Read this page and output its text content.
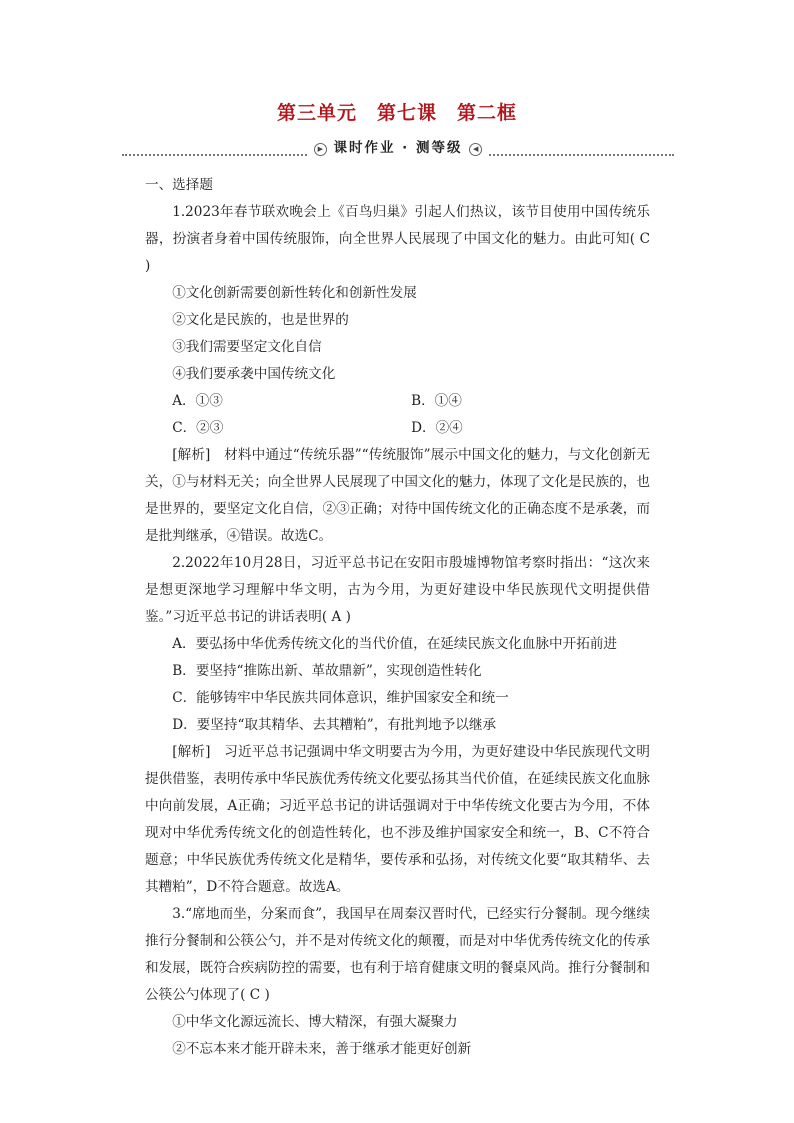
第三单元　第七课　第二框
▶ 课时作业 · 测等级 ◀

一、选择题

1.2023年春节联欢晚会上《百鸟归巢》引起人们热议，该节目使用中国传统乐器，扮演者身着中国传统服饰，向全世界人民展现了中国文化的魅力。由此可知( C )

①文化创新需要创新性转化和创新性发展

②文化是民族的，也是世界的

③我们需要坚定文化自信

④我们要承袭中国传统文化

A．①③	B．①④
C．②③	D．②④

[解析]　材料中通过“传统乐器”“传统服饰”展示中国文化的魅力，与文化创新无关，①与材料无关；向全世界人民展现了中国文化的魅力，体现了文化是民族的，也是世界的，要坚定文化自信，②③正确；对待中国传统文化的正确态度不是承袭，而是批判继承，④错误。故选C。

2.2022年10月28日，习近平总书记在安阳市殷墟博物馆考察时指出：“这次来是想更深地学习理解中华文明，古为今用，为更好建设中华民族现代文明提供借鉴。”习近平总书记的讲话表明( A )

A．要弘扬中华优秀传统文化的当代价值，在延续民族文化血脉中开拓前进

B．要坚持“推陈出新、革故鼎新”，实现创造性转化

C．能够铸牢中华民族共同体意识，维护国家安全和统一

D．要坚持“取其精华、去其糟粕”，有批判地予以继承

[解析]　习近平总书记强调中华文明要古为今用，为更好建设中华民族现代文明提供借鉴，表明传承中华民族优秀传统文化要弘扬其当代价值，在延续民族文化血脉中向前发展，A正确；习近平总书记的讲话强调对于中华传统文化要古为今用，不体现对中华优秀传统文化的创造性转化，也不涉及维护国家安全和统一，B、C不符合题意；中华民族优秀传统文化是精华，要传承和弘扬，对传统文化要“取其精华、去其糟粕”，D不符合题意。故选A。

3.“席地而坐，分案而食”，我国早在周秦汉晋时代，已经实行分餐制。现今继续推行分餐制和公筷公勺，并不是对传统文化的颠覆，而是对中华优秀传统文化的传承和发展，既符合疾病防控的需要，也有利于培育健康文明的餐桌风尚。推行分餐制和公筷公勺体现了( C )

①中华文化源远流长、博大精深，有强大凝聚力

②不忘本来才能开辟未来，善于继承才能更好创新
